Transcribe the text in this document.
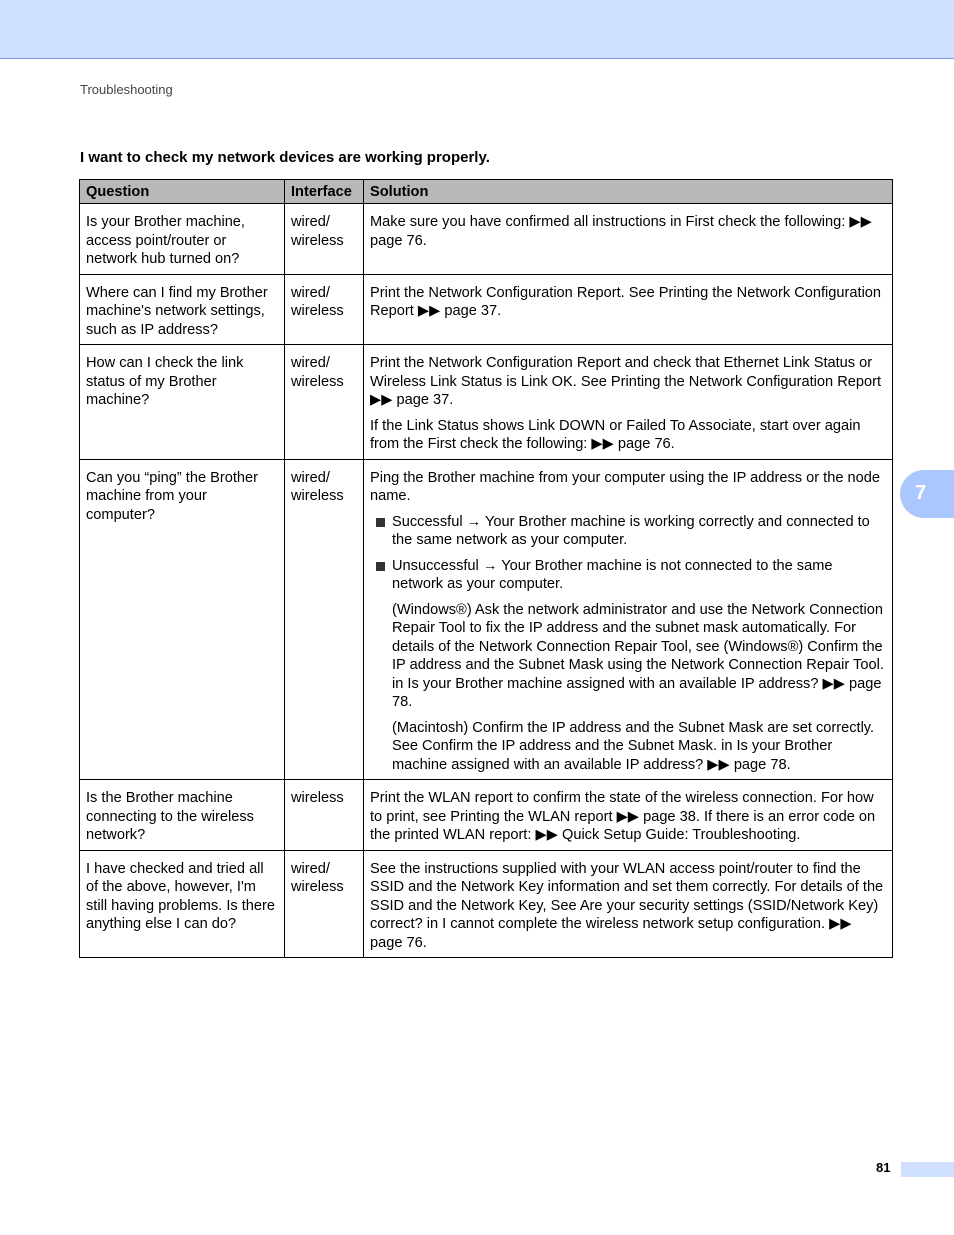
Troubleshooting
I want to check my network devices are working properly.
7
Question	Interface	Solution
Is your Brother machine, access point/router or network hub turned on?	wired/ wireless	Make sure you have confirmed all instructions in First check the following: ▶▶ page 76.

Where can I find my Brother machine's network settings, such as IP address?	wired/ wireless	Print the Network Configuration Report. See Printing the Network Configuration Report ▶▶ page 37.

How can I check the link status of my Brother machine?	wired/ wireless	Print the Network Configuration Report and check that Ethernet Link Status or Wireless Link Status is Link OK. See Printing the Network Configuration Report ▶▶ page 37.

If the Link Status shows Link DOWN or Failed To Associate, start over again from the First check the following: ▶▶ page 76.

Can you “ping” the Brother machine from your computer?	wired/ wireless	Ping the Brother machine from your computer using the IP address or the node name.

Successful → Your Brother machine is working correctly and connected to the same network as your computer.
Unsuccessful → Your Brother machine is not connected to the same network as your computer.

(Windows®) Ask the network administrator and use the Network Connection Repair Tool to fix the IP address and the subnet mask automatically. For details of the Network Connection Repair Tool, see (Windows®) Confirm the IP address and the Subnet Mask using the Network Connection Repair Tool. in Is your Brother machine assigned with an available IP address? ▶▶ page 78.

(Macintosh) Confirm the IP address and the Subnet Mask are set correctly. See Confirm the IP address and the Subnet Mask. in Is your Brother machine assigned with an available IP address? ▶▶ page 78.

Is the Brother machine connecting to the wireless network?	wireless	Print the WLAN report to confirm the state of the wireless connection. For how to print, see Printing the WLAN report ▶▶ page 38. If there is an error code on the printed WLAN report: ▶▶ Quick Setup Guide: Troubleshooting.

I have checked and tried all of the above, however, I'm still having problems. Is there anything else I can do?	wired/ wireless	See the instructions supplied with your WLAN access point/router to find the SSID and the Network Key information and set them correctly. For details of the SSID and the Network Key, See Are your security settings (SSID/Network Key) correct? in I cannot complete the wireless network setup configuration. ▶▶ page 76.

81
